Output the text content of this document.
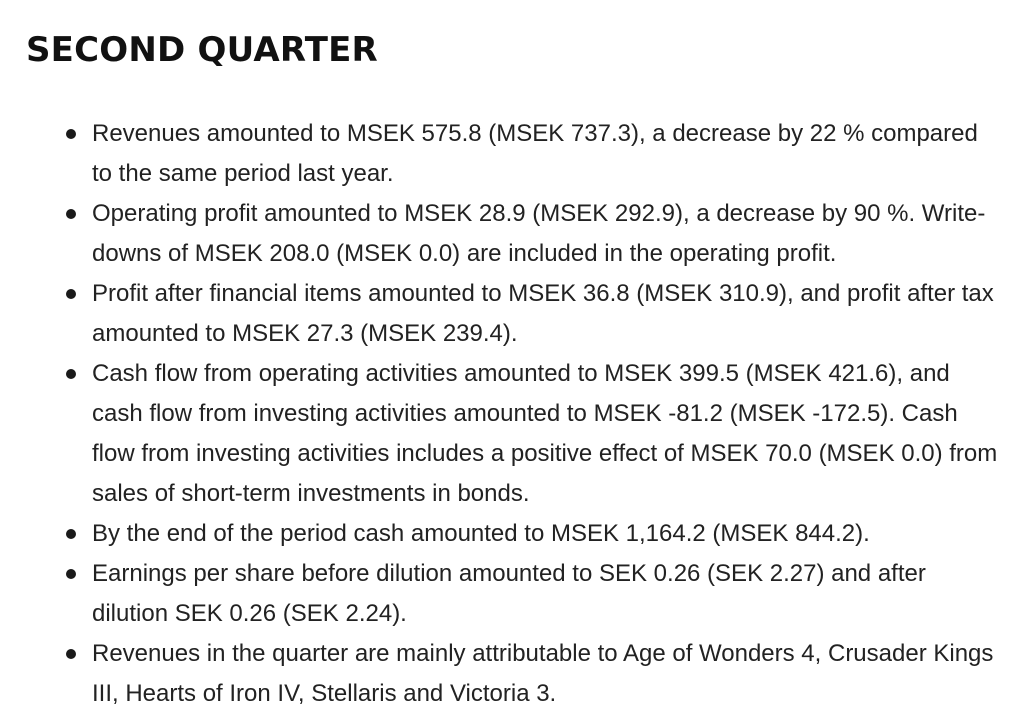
SECOND QUARTER
Revenues amounted to MSEK 575.8 (MSEK 737.3), a decrease by 22 % compared to the same period last year.
Operating profit amounted to MSEK 28.9 (MSEK 292.9), a decrease by 90 %. Write-downs of MSEK 208.0 (MSEK 0.0) are included in the operating profit.
Profit after financial items amounted to MSEK 36.8 (MSEK 310.9), and profit after tax amounted to MSEK 27.3 (MSEK 239.4).
Cash flow from operating activities amounted to MSEK 399.5 (MSEK 421.6), and cash flow from investing activities amounted to MSEK -81.2 (MSEK -172.5). Cash flow from investing activities includes a positive effect of MSEK 70.0 (MSEK 0.0) from sales of short-term investments in bonds.
By the end of the period cash amounted to MSEK 1,164.2 (MSEK 844.2).
Earnings per share before dilution amounted to SEK 0.26 (SEK 2.27) and after dilution SEK 0.26 (SEK 2.24).
Revenues in the quarter are mainly attributable to Age of Wonders 4, Crusader Kings III, Hearts of Iron IV, Stellaris and Victoria 3.
